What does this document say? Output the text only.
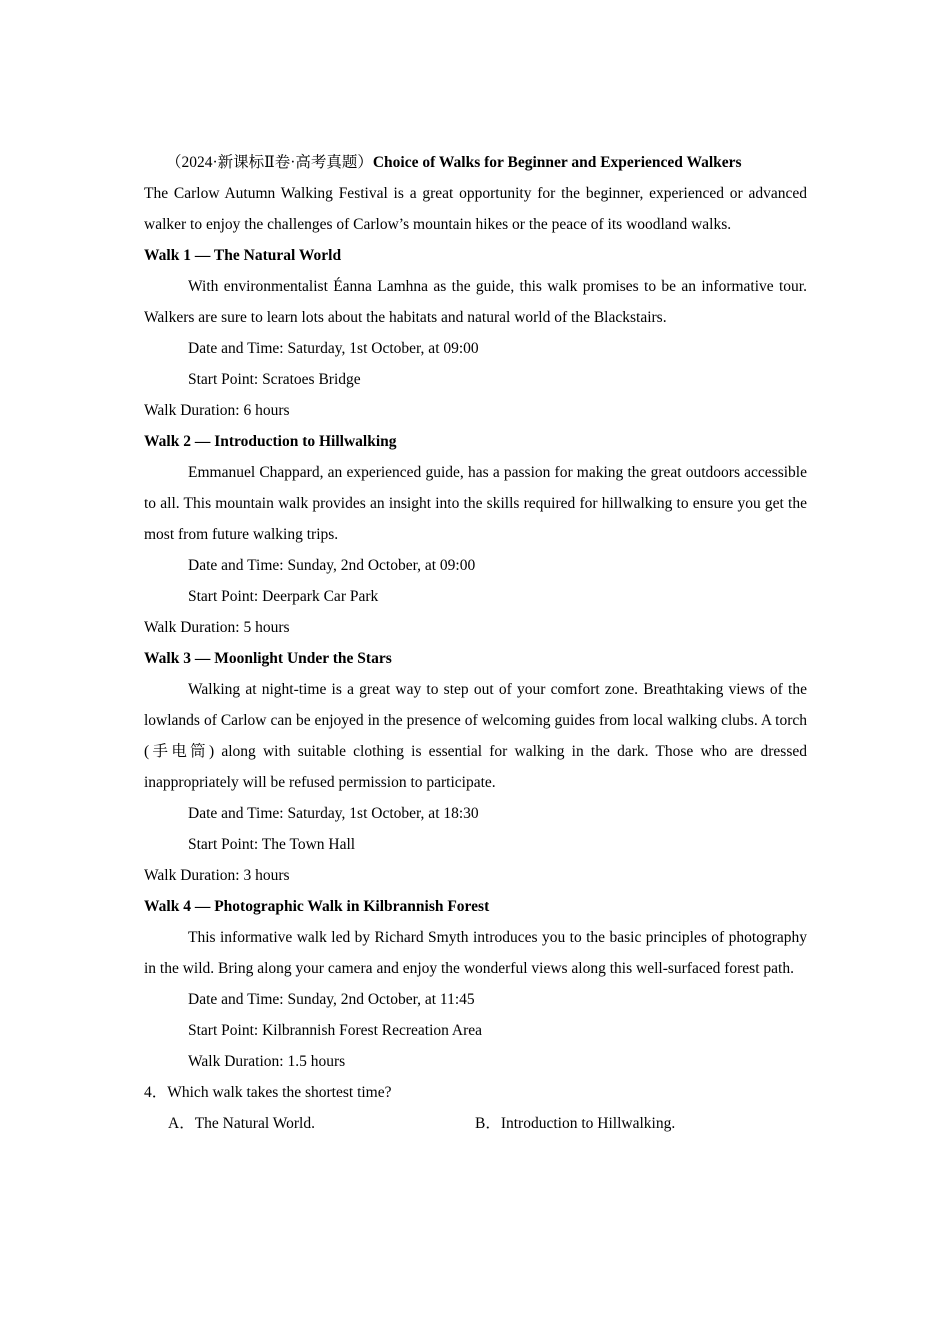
（2024·新课标Ⅱ卷·高考真题）Choice of Walks for Beginner and Experienced Walkers
The Carlow Autumn Walking Festival is a great opportunity for the beginner, experienced or advanced walker to enjoy the challenges of Carlow’s mountain hikes or the peace of its woodland walks.
Walk 1 — The Natural World
With environmentalist Éanna Lamhna as the guide, this walk promises to be an informative tour. Walkers are sure to learn lots about the habitats and natural world of the Blackstairs.
Date and Time: Saturday, 1st October, at 09:00
Start Point: Scratoes Bridge
Walk Duration: 6 hours
Walk 2 — Introduction to Hillwalking
Emmanuel Chappard, an experienced guide, has a passion for making the great outdoors accessible to all. This mountain walk provides an insight into the skills required for hillwalking to ensure you get the most from future walking trips.
Date and Time: Sunday, 2nd October, at 09:00
Start Point: Deerpark Car Park
Walk Duration: 5 hours
Walk 3 — Moonlight Under the Stars
Walking at night-time is a great way to step out of your comfort zone. Breathtaking views of the lowlands of Carlow can be enjoyed in the presence of welcoming guides from local walking clubs. A torch (手电筒) along with suitable clothing is essential for walking in the dark. Those who are dressed inappropriately will be refused permission to participate.
Date and Time: Saturday, 1st October, at 18:30
Start Point: The Town Hall
Walk Duration: 3 hours
Walk 4 — Photographic Walk in Kilbrannish Forest
This informative walk led by Richard Smyth introduces you to the basic principles of photography in the wild. Bring along your camera and enjoy the wonderful views along this well-surfaced forest path.
Date and Time: Sunday, 2nd October, at 11:45
Start Point: Kilbrannish Forest Recreation Area
Walk Duration: 1.5 hours
4．Which walk takes the shortest time?
A．The Natural World.	B．Introduction to Hillwalking.
